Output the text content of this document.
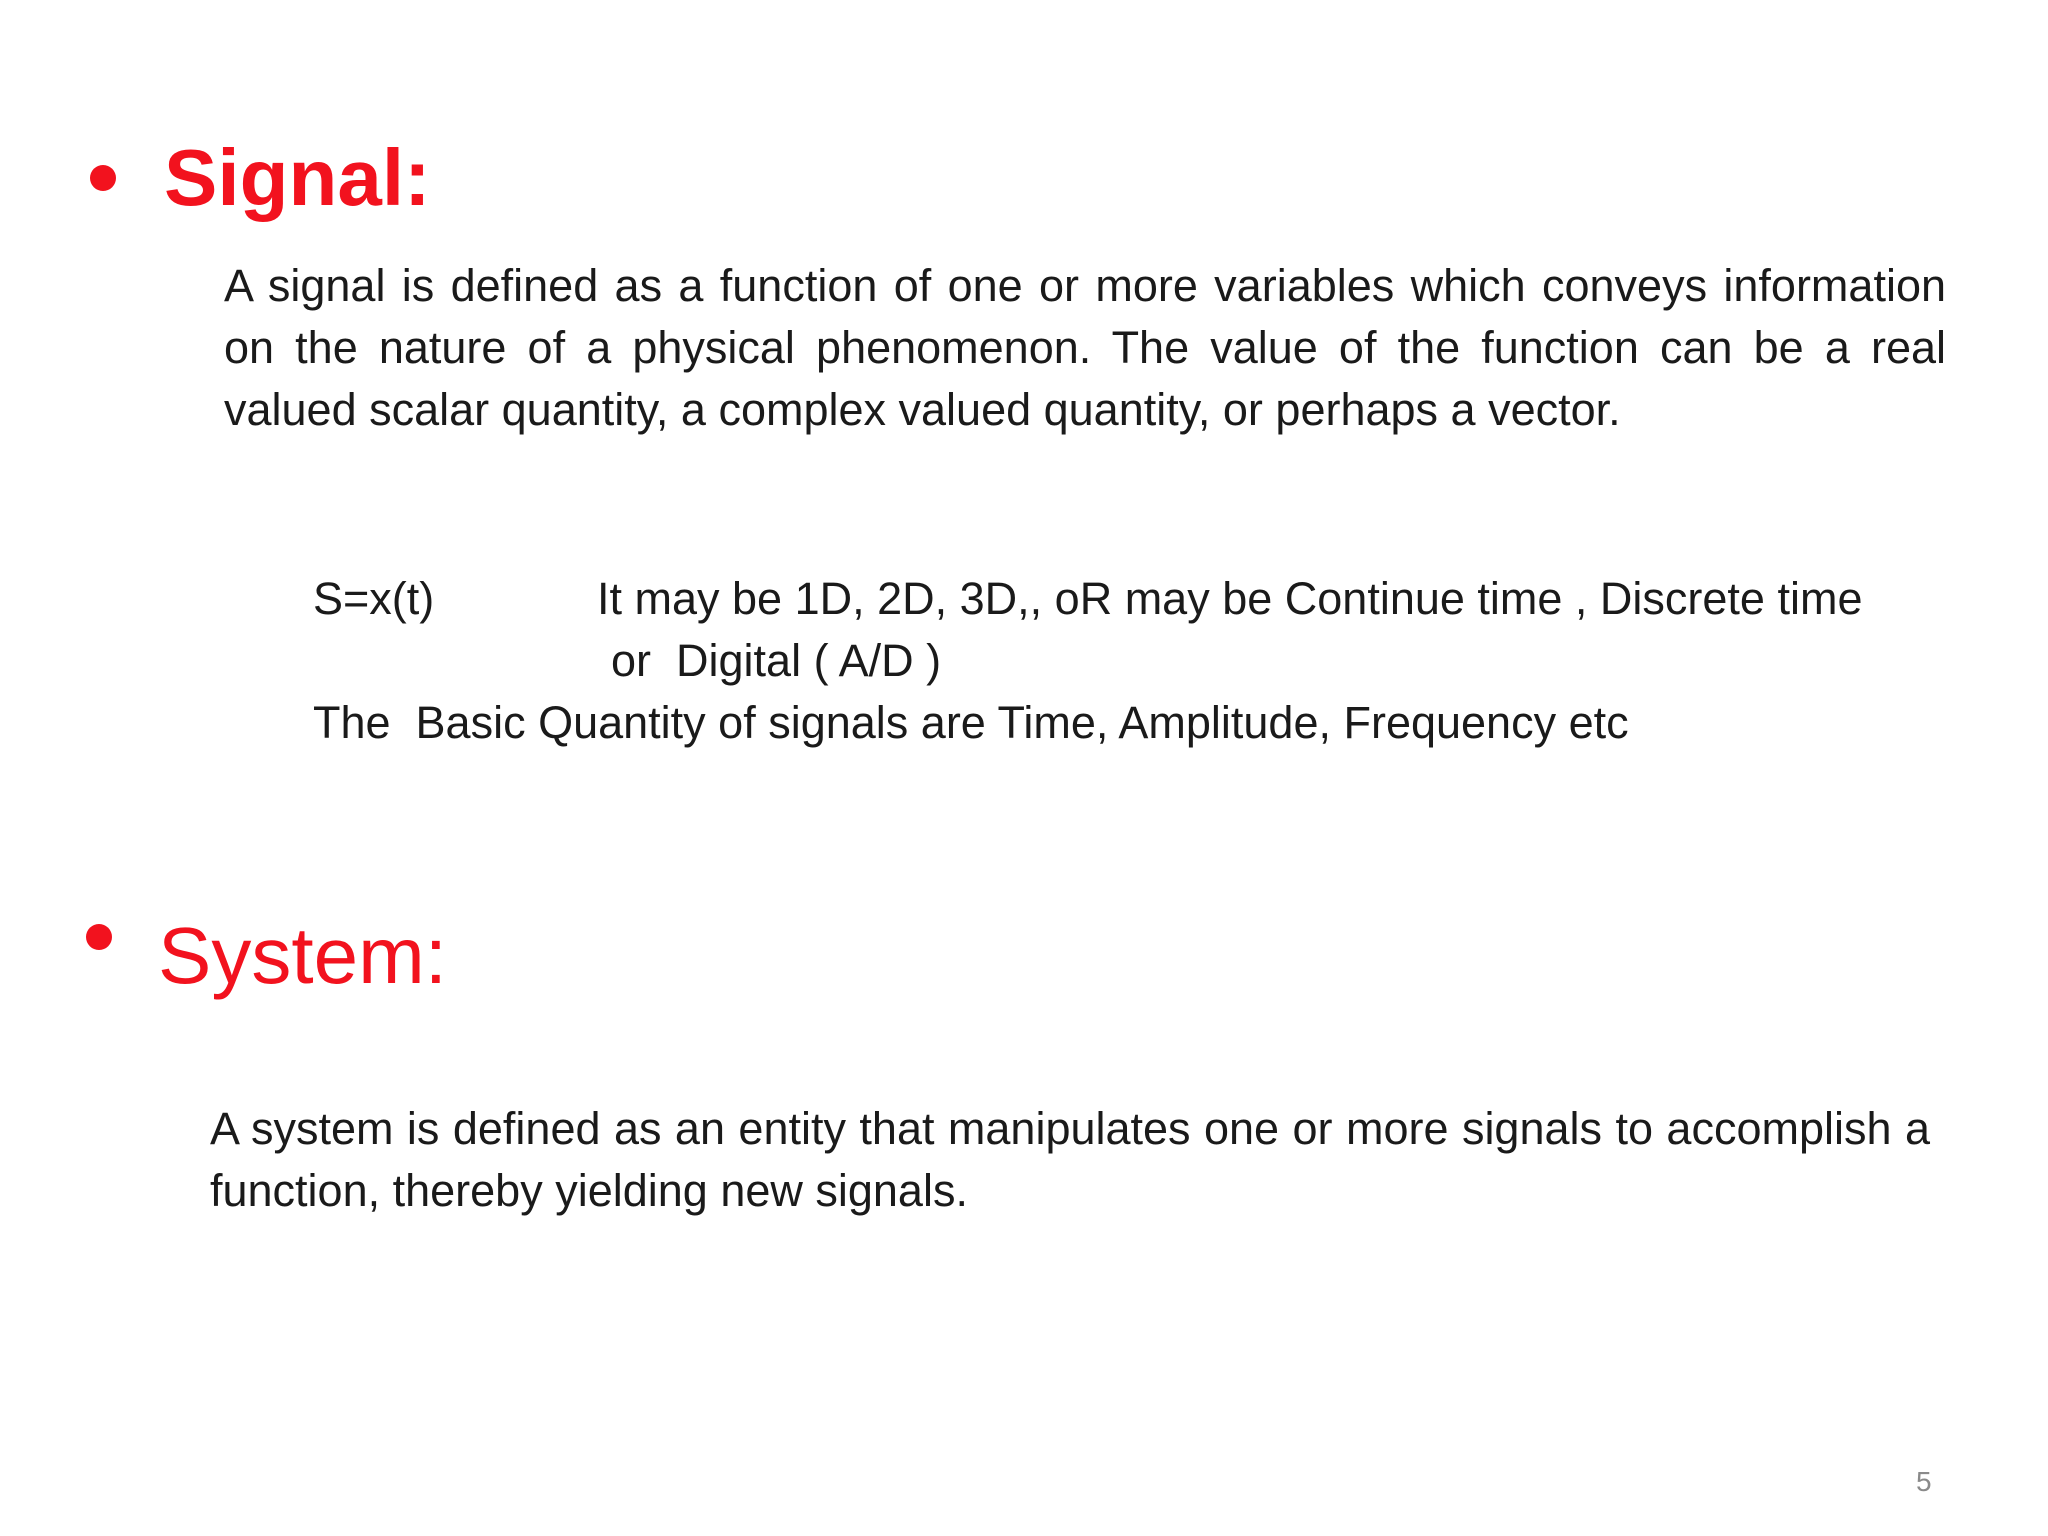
Signal:
A signal is defined as a function of one or more variables which conveys information on the nature of a physical phenomenon. The value of the function can be a real valued scalar quantity, a complex valued quantity, or perhaps a vector.
S=x(t)	It may be 1D, 2D, 3D,, oR may be Continue time , Discrete time
or  Digital ( A/D )
The  Basic Quantity of signals are Time, Amplitude, Frequency etc
System:
A system is defined as an entity that manipulates one or more signals to accomplish a function, thereby yielding new signals.
5
